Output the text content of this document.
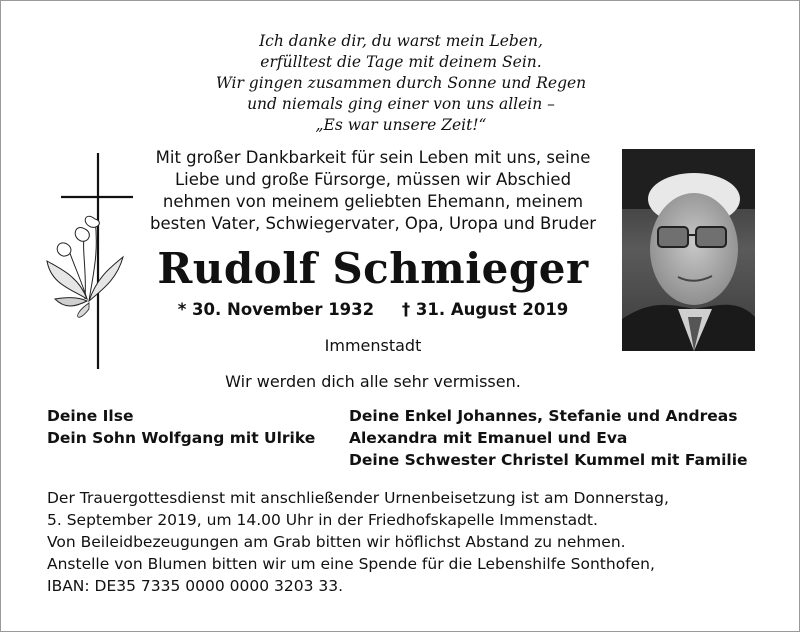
Ich danke dir, du warst mein Leben,
erfülltest die Tage mit deinem Sein.
Wir gingen zusammen durch Sonne und Regen
und niemals ging einer von uns allein –
„Es war unsere Zeit!“
Mit großer Dankbarkeit für sein Leben mit uns, seine
Liebe und große Fürsorge, müssen wir Abschied
nehmen von meinem geliebten Ehemann, meinem
besten Vater, Schwiegervater, Opa, Uropa und Bruder
Rudolf Schmieger
* 30. November 1932 † 31. August 2019
Immenstadt
Wir werden dich alle sehr vermissen.
Deine Ilse
Dein Sohn Wolfgang mit Ulrike
Deine Enkel Johannes, Stefanie und Andreas
Alexandra mit Emanuel und Eva
Deine Schwester Christel Kummel mit Familie
Der Trauergottesdienst mit anschließender Urnenbeisetzung ist am Donnerstag,
5. September 2019, um 14.00 Uhr in der Friedhofskapelle Immenstadt.
Von Beileidbezeugungen am Grab bitten wir höflichst Abstand zu nehmen.
Anstelle von Blumen bitten wir um eine Spende für die Lebenshilfe Sonthofen,
IBAN: DE35 7335 0000 0000 3203 33.
